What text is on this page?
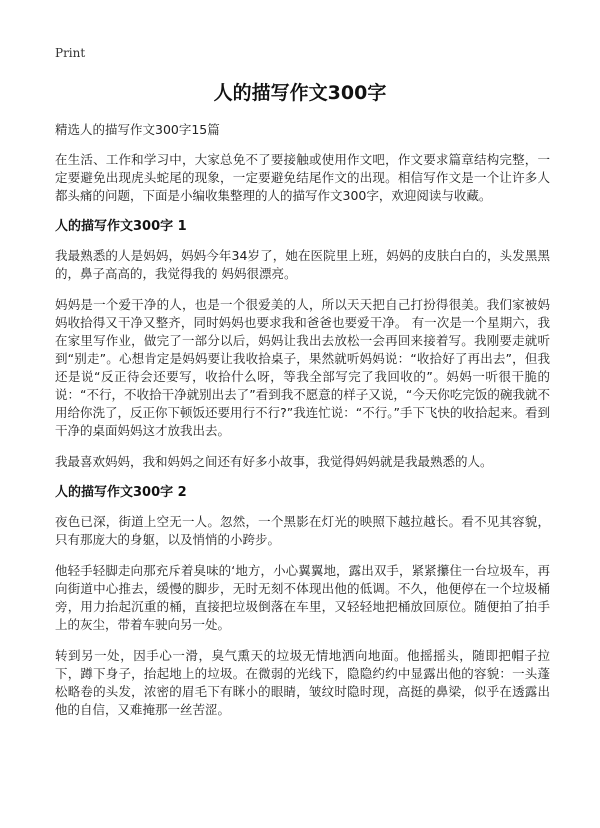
Print
人的描写作文300字
精选人的描写作文300字15篇

在生活、工作和学习中，大家总免不了要接触或使用作文吧，作文要求篇章结构完整，一定要避免出现虎头蛇尾的现象，一定要避免结尾作文的出现。相信写作文是一个让许多人都头痛的问题，下面是小编收集整理的人的描写作文300字，欢迎阅读与收藏。

人的描写作文300字 1

我最熟悉的人是妈妈，妈妈今年34岁了，她在医院里上班，妈妈的皮肤白白的，头发黑黑的，鼻子高高的，我觉得我的 妈妈很漂亮。

妈妈是一个爱干净的人，也是一个很爱美的人，所以天天把自己打扮得很美。我们家被妈妈收拾得又干净又整齐，同时妈妈也要求我和爸爸也要爱干净。 有一次是一个星期六，我在家里写作业，做完了一部分以后，妈妈让我出去放松一会再回来接着写。我刚要走就听到“别走”。心想肯定是妈妈要让我收拾桌子，果然就听妈妈说：“收拾好了再出去”，但我还是说“反正待会还要写，收拾什么呀，等我全部写完了我回收的”。妈妈一听很干脆的说：“不行，不收拾干净就别出去了”看到我不愿意的样子又说，“今天你吃完饭的碗我就不用给你洗了，反正你下顿饭还要用行不行?”我连忙说：“不行。”手下飞快的收拾起来。看到干净的桌面妈妈这才放我出去。

我最喜欢妈妈，我和妈妈之间还有好多小故事，我觉得妈妈就是我最熟悉的人。

人的描写作文300字 2

夜色已深，街道上空无一人。忽然，一个黑影在灯光的映照下越拉越长。看不见其容貌，只有那庞大的身躯，以及悄悄的小跨步。

他轻手轻脚走向那充斥着臭味的‘地方，小心翼翼地，露出双手，紧紧攥住一台垃圾车，再向街道中心推去，缓慢的脚步，无时无刻不体现出他的低调。不久，他便停在一个垃圾桶旁，用力抬起沉重的桶，直接把垃圾倒落在车里，又轻轻地把桶放回原位。随便拍了拍手上的灰尘，带着车驶向另一处。

转到另一处，因手心一滑，臭气熏天的垃圾无情地洒向地面。他摇摇头，随即把帽子拉下，蹲下身子，抬起地上的垃圾。在微弱的光线下，隐隐约约中显露出他的容貌：一头蓬松略卷的头发，浓密的眉毛下有眯小的眼睛，皱纹时隐时现，高挺的鼻梁，似乎在透露出他的自信，又难掩那一丝苦涩。
